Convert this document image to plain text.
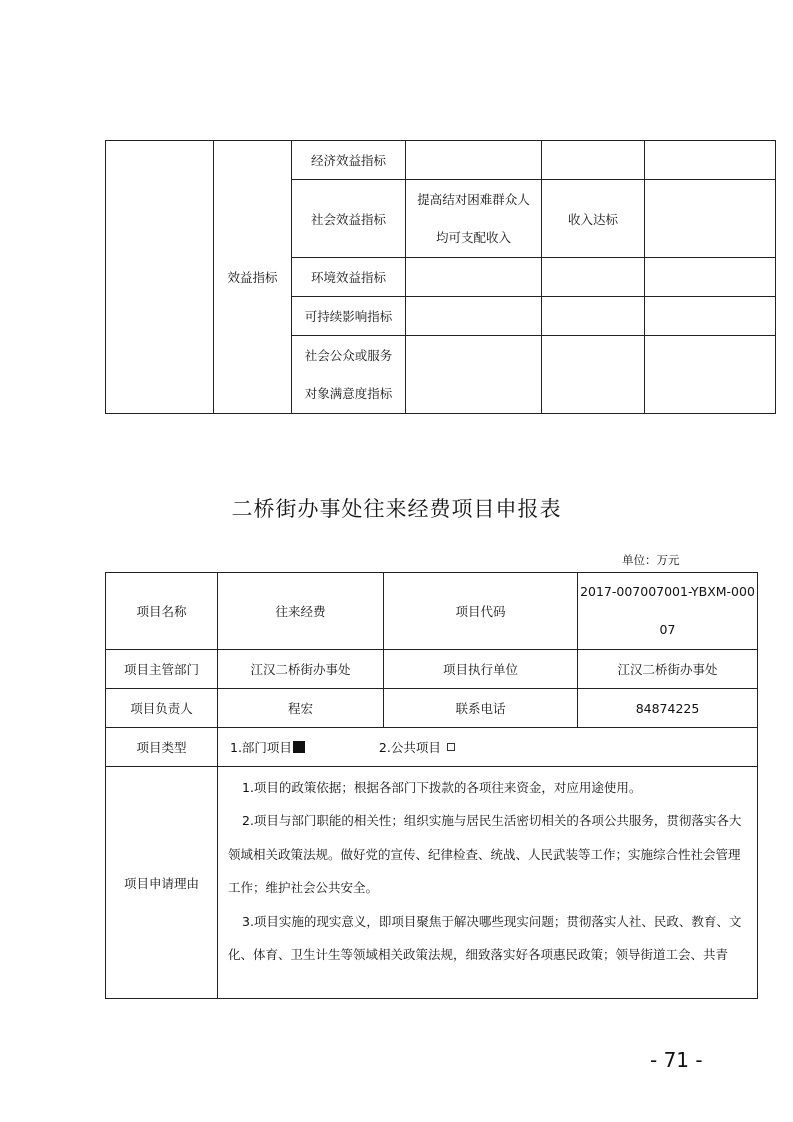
	效益指标	经济效益指标			
		社会效益指标	提高结对困难群众人
均可支配收入	收入达标	
		环境效益指标			
		可持续影响指标			

		社会公众或服务
对象满意度指标			

二桥街办事处往来经费项目申报表
单位：万元
项目名称	往来经费	项目代码	2017-007007001-YBXM-000
07

项目主管部门	江汉二桥街办事处	项目执行单位	江汉二桥街办事处
项目负责人	程宏	联系电话	84874225
项目类型	1.部门项目 2.公共项目		
项目申请理由	1.项目的政策依据；根据各部门下拨款的各项往来资金，对应用途使用。

2.项目与部门职能的相关性；组织实施与居民生活密切相关的各项公共服务，贯彻落实各大领域相关政策法规。做好党的宣传、纪律检查、统战、人民武装等工作；实施综合性社会管理工作；维护社会公共安全。

3.项目实施的现实意义，即项目聚焦于解决哪些现实问题；贯彻落实人社、民政、教育、文化、体育、卫生计生等领域相关政策法规，细致落实好各项惠民政策；领导街道工会、共青		

- 71 -
